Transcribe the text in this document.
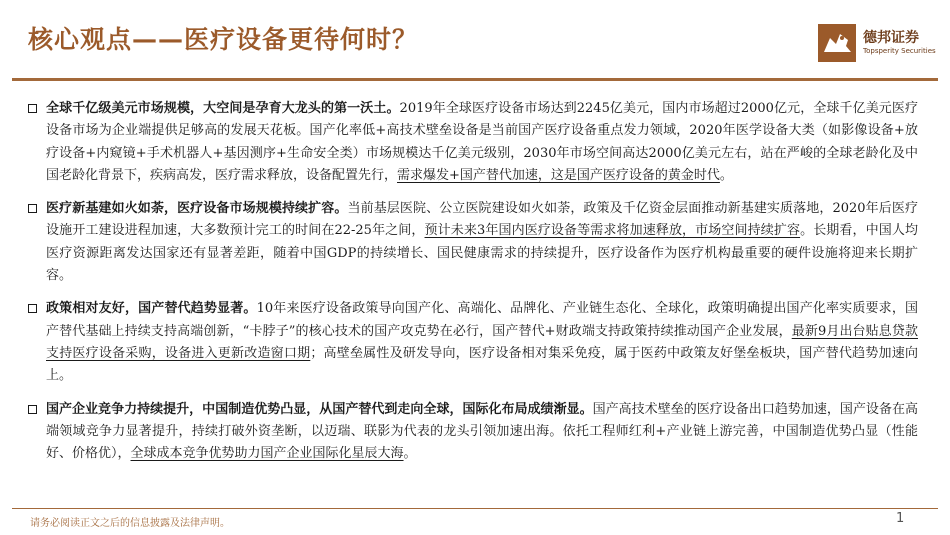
核心观点——医疗设备更待何时？	德邦证券
Topsperity Securities
全球千亿级美元市场规模，大空间是孕育大龙头的第一沃土。2019年全球医疗设备市场达到2245亿美元，国内市场超过2000亿元，全球千亿美元医疗设备市场为企业端提供足够高的发展天花板。国产化率低+高技术壁垒设备是当前国产医疗设备重点发力领域，2020年医学设备大类（如影像设备+放疗设备+内窥镜+手术机器人+基因测序+生命安全类）市场规模达千亿美元级别，2030年市场空间高达2000亿美元左右，站在严峻的全球老龄化及中国老龄化背景下，疾病高发，医疗需求释放，设备配置先行，需求爆发+国产替代加速，这是国产医疗设备的黄金时代。
医疗新基建如火如荼，医疗设备市场规模持续扩容。当前基层医院、公立医院建设如火如荼，政策及千亿资金层面推动新基建实质落地，2020年后医疗设施开工建设进程加速，大多数预计完工的时间在22-25年之间，预计未来3年国内医疗设备等需求将加速释放，市场空间持续扩容。长期看，中国人均医疗资源距离发达国家还有显著差距，随着中国GDP的持续增长、国民健康需求的持续提升，医疗设备作为医疗机构最重要的硬件设施将迎来长期扩容。
政策相对友好，国产替代趋势显著。10年来医疗设备政策导向国产化、高端化、品牌化、产业链生态化、全球化，政策明确提出国产化率实质要求，国产替代基础上持续支持高端创新，“卡脖子”的核心技术的国产攻克势在必行，国产替代+财政端支持政策持续推动国产企业发展，最新9月出台贴息贷款支持医疗设备采购，设备进入更新改造窗口期；高壁垒属性及研发导向，医疗设备相对集采免疫，属于医药中政策友好堡垒板块，国产替代趋势加速向上。
国产企业竞争力持续提升，中国制造优势凸显，从国产替代到走向全球，国际化布局成绩渐显。国产高技术壁垒的医疗设备出口趋势加速，国产设备在高端领域竞争力显著提升，持续打破外资垄断，以迈瑞、联影为代表的龙头引领加速出海。依托工程师红利+产业链上游完善，中国制造优势凸显（性能好、价格优），全球成本竞争优势助力国产企业国际化星辰大海。
请务必阅读正文之后的信息披露及法律声明。	1
